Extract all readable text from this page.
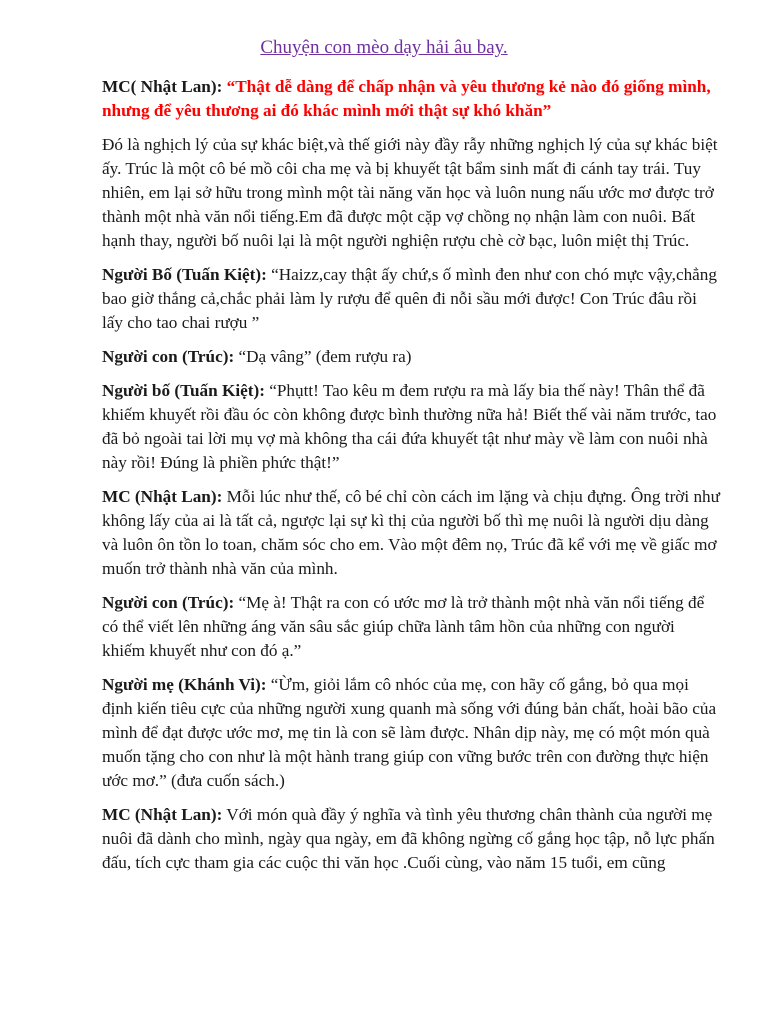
Chuyện con mèo dạy hải âu bay.

MC( Nhật Lan): “Thật dễ dàng để chấp nhận và yêu thương kẻ nào đó giống mình, nhưng để yêu thương ai đó khác mình mới thật sự khó khăn”

Đó là nghịch lý của sự khác biệt,và thế giới này đầy rẫy những nghịch lý của sự khác biệt ấy. Trúc là một cô bé mồ côi cha mẹ và bị khuyết tật bẩm sinh mất đi cánh tay trái. Tuy nhiên, em lại sở hữu trong mình một tài năng văn học và luôn nung nấu ước mơ được trở thành một nhà văn nổi tiếng.Em đã được một cặp vợ chồng nọ nhận làm con nuôi. Bất hạnh thay, người bố nuôi lại là một người nghiện rượu chè cờ bạc, luôn miệt thị Trúc.

Người Bố (Tuấn Kiệt): “Haizz,cay thật ấy chứ,s ố mình đen như con chó mực vậy,chẳng bao giờ thắng cả,chắc phải làm ly rượu để quên đi nỗi sầu mới được! Con Trúc đâu rồi lấy cho tao chai rượu ”

Người con (Trúc): “Dạ vâng” (đem rượu ra)

Người bố (Tuấn Kiệt): “Phụtt! Tao kêu m đem rượu ra mà lấy bia thế này! Thân thể đã khiếm khuyết rồi đầu óc còn không được bình thường nữa hả! Biết thế vài năm trước, tao đã bỏ ngoài tai lời mụ vợ mà không tha cái đứa khuyết tật như mày về làm con nuôi nhà này rồi! Đúng là phiền phức thật!”

MC (Nhật Lan): Mỗi lúc như thế, cô bé chỉ còn cách im lặng và chịu đựng. Ông trời như không lấy của ai là tất cả, ngược lại sự kì thị của người bố thì mẹ nuôi là người dịu dàng và luôn ôn tồn lo toan, chăm sóc cho em. Vào một đêm nọ, Trúc đã kể với mẹ về giấc mơ muốn trở thành nhà văn của mình.

Người con (Trúc): “Mẹ à! Thật ra con có ước mơ là trở thành một nhà văn nổi tiếng để có thể viết lên những áng văn sâu sắc giúp chữa lành tâm hồn của những con người khiếm khuyết như con đó ạ.”

Người mẹ (Khánh Vi): “Ừm, giỏi lắm cô nhóc của mẹ, con hãy cố gắng, bỏ qua mọi định kiến tiêu cực của những người xung quanh mà sống với đúng bản chất, hoài bão của mình để đạt được ước mơ, mẹ tin là con sẽ làm được. Nhân dịp này, mẹ có một món quà muốn tặng cho con như là một hành trang giúp con vững bước trên con đường thực hiện ước mơ.” (đưa cuốn sách.)

MC (Nhật Lan): Với món quà đầy ý nghĩa và tình yêu thương chân thành của người mẹ nuôi đã dành cho mình, ngày qua ngày, em đã không ngừng cố gắng học tập, nỗ lực phấn đấu, tích cực tham gia các cuộc thi văn học .Cuối cùng, vào năm 15 tuổi, em cũng
